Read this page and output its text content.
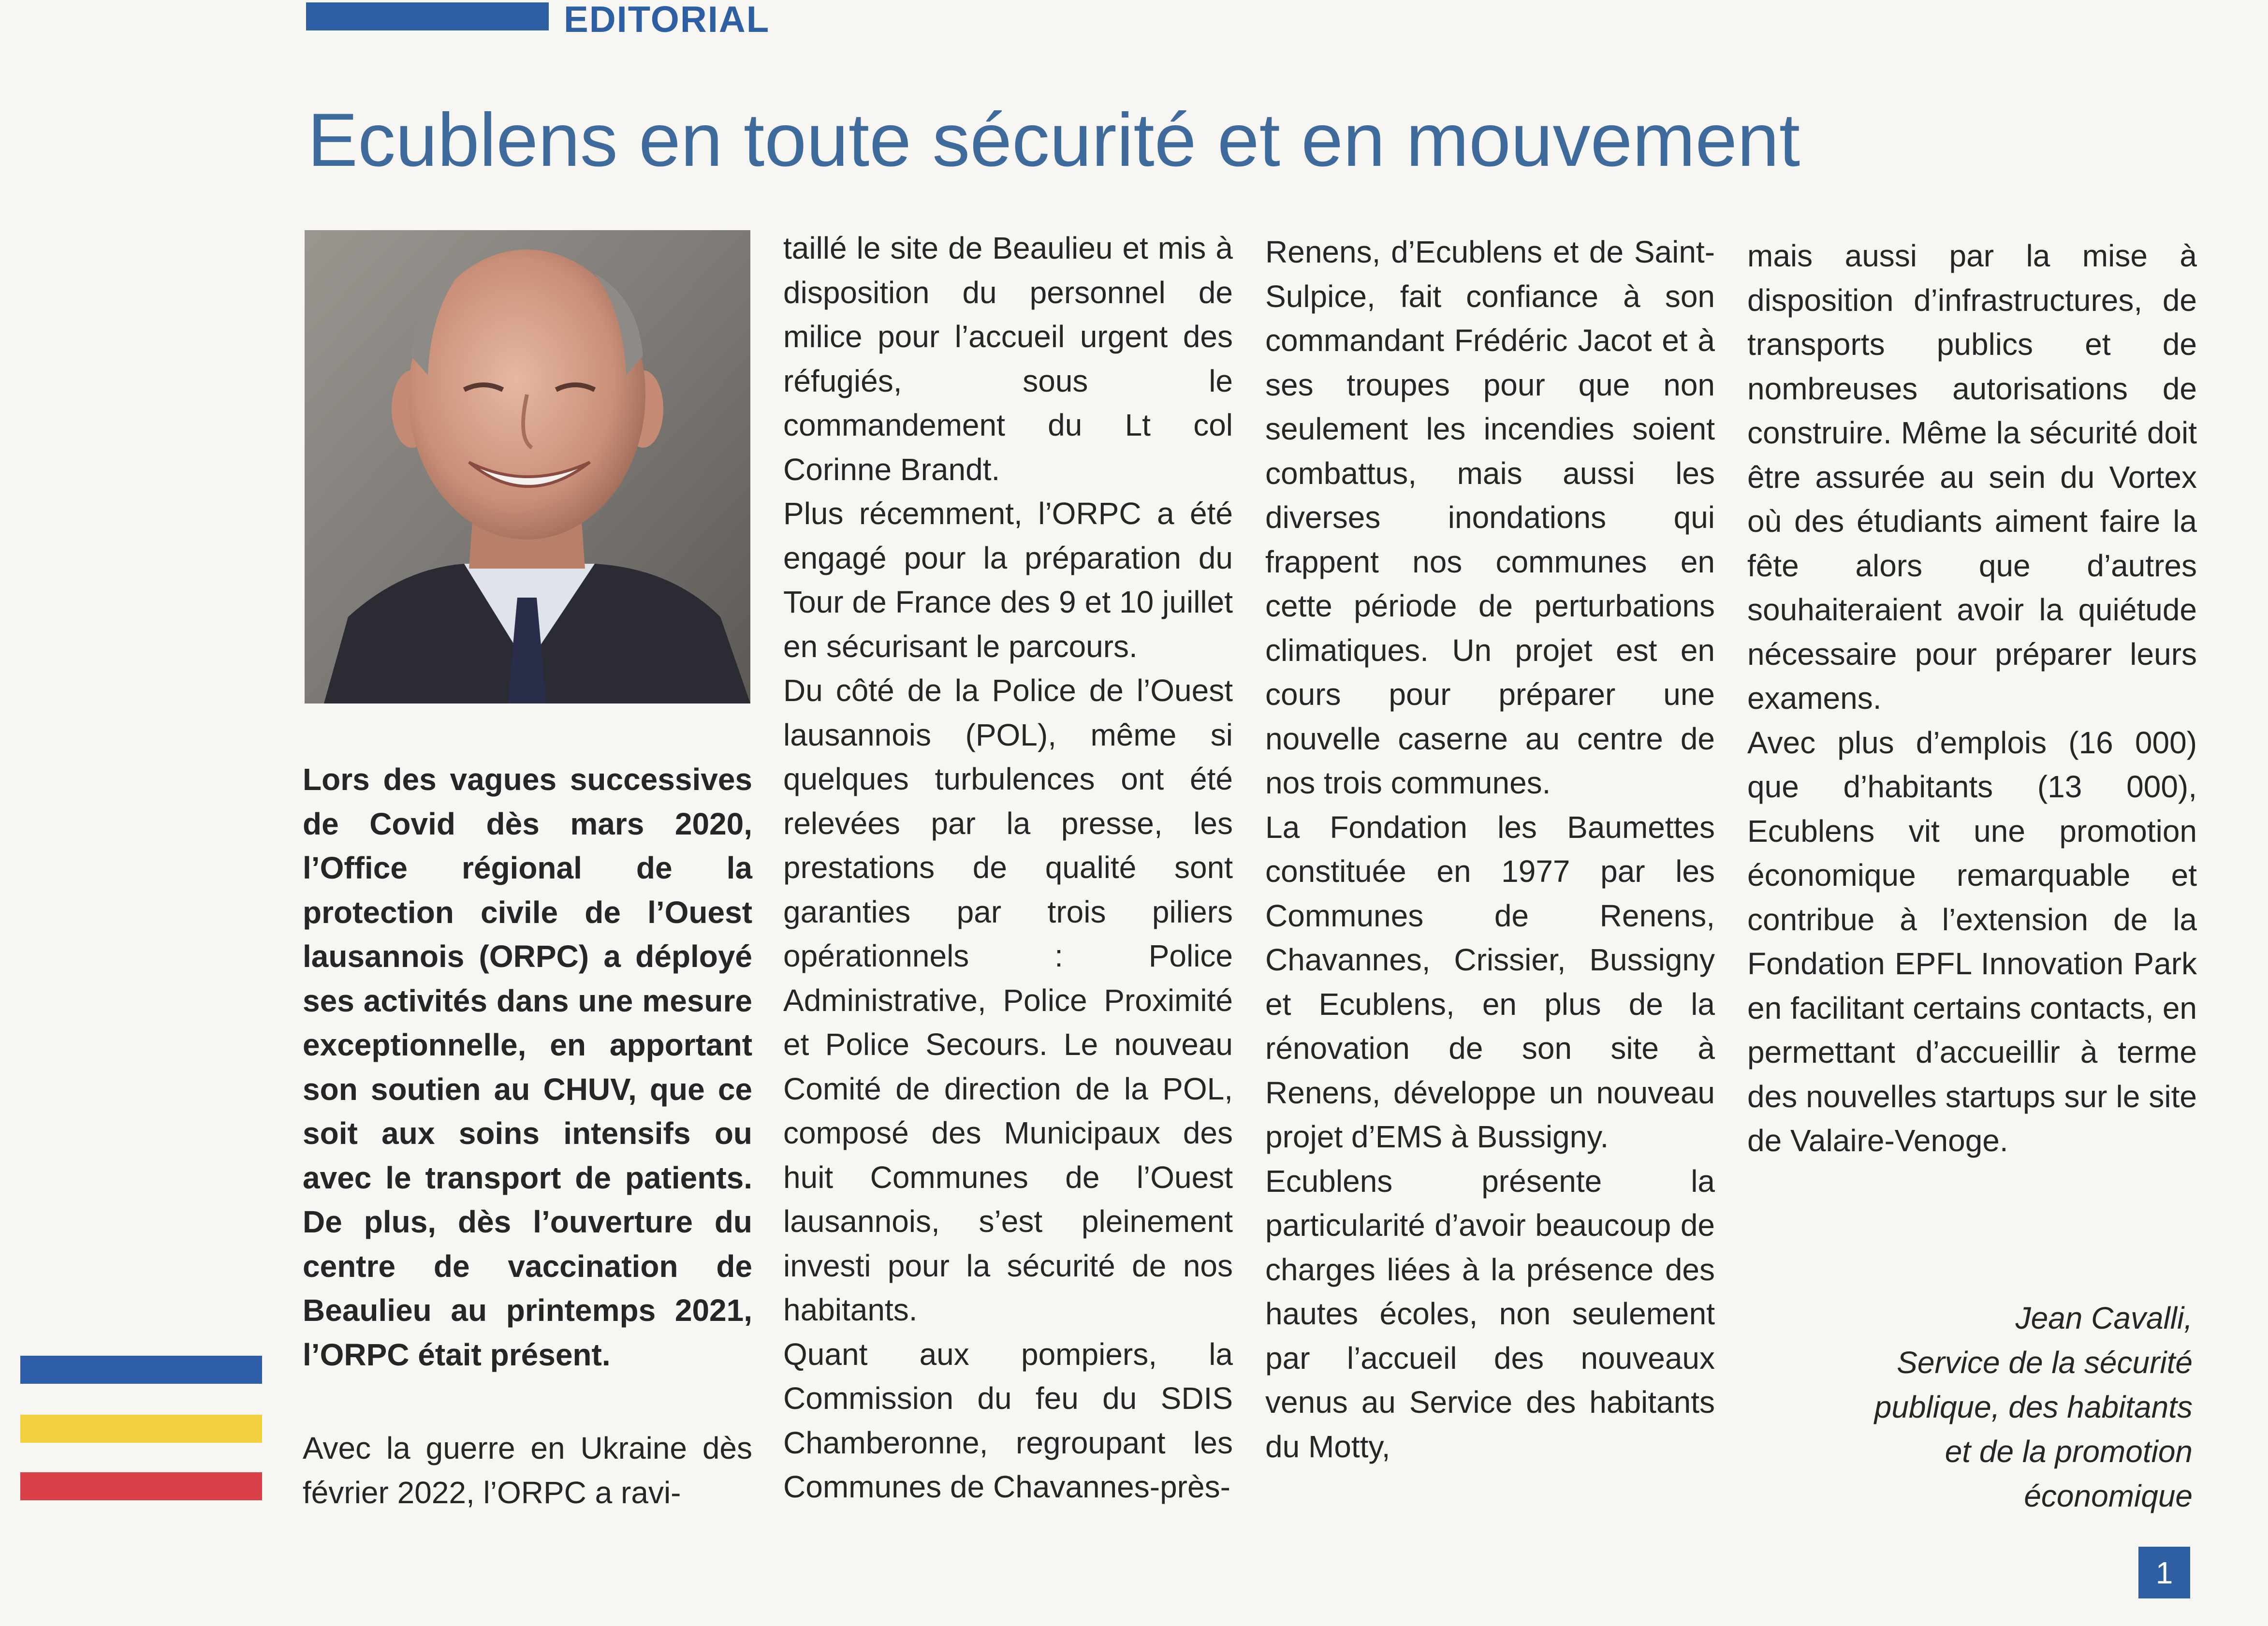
EDITORIAL
Ecublens en toute sécurité et en mouvement

Lors des vagues successives de Covid dès mars 2020, l’Office régional de la protection civile de l’Ouest lausannois (ORPC) a déployé ses activités dans une mesure exceptionnelle, en apportant son soutien au CHUV, que ce soit aux soins intensifs ou avec le transport de patients. De plus, dès l’ouverture du centre de vaccination de Beaulieu au printemps 2021, l’ORPC était présent.

Avec la guerre en Ukraine dès février 2022, l’ORPC a ravi-

taillé le site de Beaulieu et mis à disposition du personnel de milice pour l’accueil urgent des réfugiés, sous le commandement du Lt col Corinne Brandt.

Plus récemment, l’ORPC a été engagé pour la préparation du Tour de France des 9 et 10 juillet en sécurisant le parcours.

Du côté de la Police de l’Ouest lausannois (POL), même si quelques turbulences ont été relevées par la presse, les prestations de qualité sont garanties par trois piliers opérationnels : Police Administrative, Police Proximité et Police Secours. Le nouveau Comité de direction de la POL, composé des Municipaux des huit Communes de l’Ouest lausannois, s’est pleinement investi pour la sécurité de nos habitants.

Quant aux pompiers, la Commission du feu du SDIS Chamberonne, regroupant les Communes de Chavannes-près-

Renens, d’Ecublens et de Saint-Sulpice, fait confiance à son commandant Frédéric Jacot et à ses troupes pour que non seulement les incendies soient combattus, mais aussi les diverses inondations qui frappent nos communes en cette période de perturbations climatiques. Un projet est en cours pour préparer une nouvelle caserne au centre de nos trois communes.

La Fondation les Baumettes constituée en 1977 par les Communes de Renens, Chavannes, Crissier, Bussigny et Ecublens, en plus de la rénovation de son site à Renens, développe un nouveau projet d’EMS à Bussigny.

Ecublens présente la particularité d’avoir beaucoup de charges liées à la présence des hautes écoles, non seulement par l’accueil des nouveaux venus au Service des habitants du Motty,

mais aussi par la mise à disposition d’infrastructures, de transports publics et de nombreuses autorisations de construire. Même la sécurité doit être assurée au sein du Vortex où des étudiants aiment faire la fête alors que d’autres souhaiteraient avoir la quiétude nécessaire pour préparer leurs examens.

Avec plus d’emplois (16 000) que d’habitants (13 000), Ecublens vit une promotion économique remarquable et contribue à l’extension de la Fondation EPFL Innovation Park en facilitant certains contacts, en permettant d’accueillir à terme des nouvelles startups sur le site de Valaire-Venoge.

Jean Cavalli,
Service de la sécurité
publique, des habitants
et de la promotion
économique
1
